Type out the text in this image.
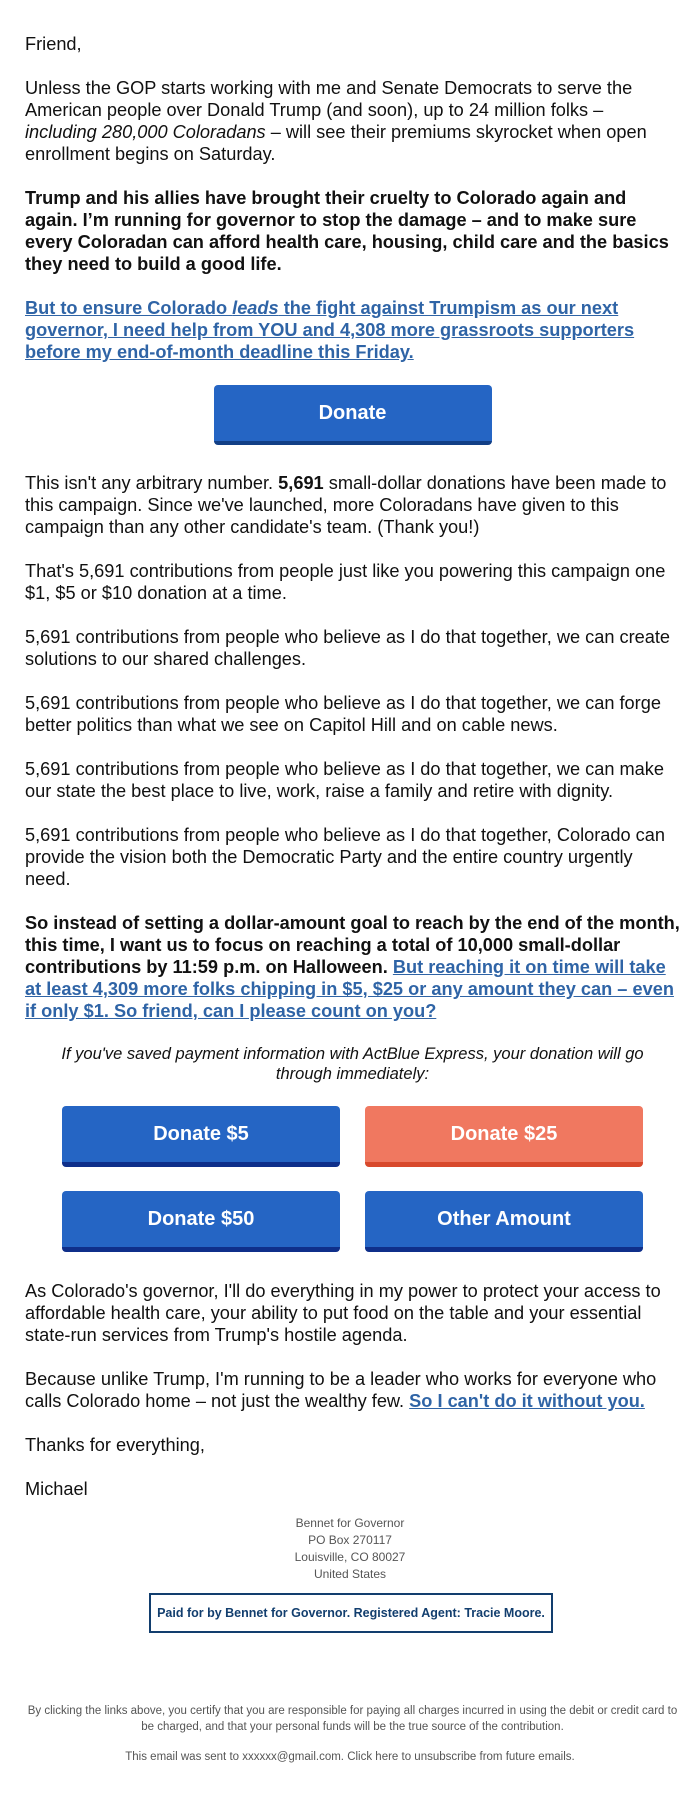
Friend,

Unless the GOP starts working with me and Senate Democrats to serve the American people over Donald Trump (and soon), up to 24 million folks – including 280,000 Coloradans – will see their premiums skyrocket when open enrollment begins on Saturday.

Trump and his allies have brought their cruelty to Colorado again and again. I’m running for governor to stop the damage – and to make sure every Coloradan can afford health care, housing, child care and the basics they need to build a good life.

But to ensure Colorado leads the fight against Trumpism as our next governor, I need help from YOU and 4,308 more grassroots supporters before my end-of-month deadline this Friday.

Donate

This isn't any arbitrary number. 5,691 small-dollar donations have been made to this campaign. Since we've launched, more Coloradans have given to this campaign than any other candidate's team. (Thank you!)

That's 5,691 contributions from people just like you powering this campaign one $1, $5 or $10 donation at a time.

5,691 contributions from people who believe as I do that together, we can create solutions to our shared challenges.

5,691 contributions from people who believe as I do that together, we can forge better politics than what we see on Capitol Hill and on cable news.

5,691 contributions from people who believe as I do that together, we can make our state the best place to live, work, raise a family and retire with dignity.

5,691 contributions from people who believe as I do that together, Colorado can provide the vision both the Democratic Party and the entire country urgently need.

So instead of setting a dollar-amount goal to reach by the end of the month, this time, I want us to focus on reaching a total of 10,000 small-dollar contributions by 11:59 p.m. on Halloween. But reaching it on time will take at least 4,309 more folks chipping in $5, $25 or any amount they can – even if only $1. So friend, can I please count on you?

If you've saved payment information with ActBlue Express, your donation will go through immediately:

Donate $5	Donate $25
Donate $50	Other Amount

As Colorado's governor, I'll do everything in my power to protect your access to affordable health care, your ability to put food on the table and your essential state-run services from Trump's hostile agenda.

Because unlike Trump, I'm running to be a leader who works for everyone who calls Colorado home – not just the wealthy few. So I can't do it without you.

Thanks for everything,

Michael

Bennet for Governor
PO Box 270117
Louisville, CO 80027
United States
Paid for by Bennet for Governor. Registered Agent: Tracie Moore.
By clicking the links above, you certify that you are responsible for paying all charges incurred in using the debit or credit card to be charged, and that your personal funds will be the true source of the contribution.
This email was sent to xxxxxx@gmail.com. Click here to unsubscribe from future emails.
